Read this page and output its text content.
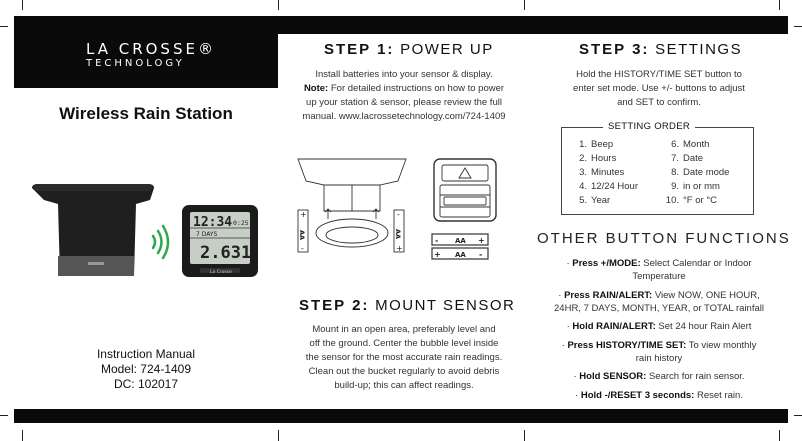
LA CROSSE®
TECHNOLOGY
Wireless Rain Station
12:34 0:25
7 DAYS
2.631
La Crosse
Instruction Manual
Model: 724-1409
DC: 102017
STEP 1: POWER UP
Install batteries into your sensor & display.
Note: For detailed instructions on how to power
up your station & sensor, please review the full
manual. www.lacrossetechnology.com/724-1409
+
AA
-
-
AA
+
- AA +
+ AA -
STEP 2: MOUNT SENSOR
Mount in an open area, preferably level and
off the ground. Center the bubble level inside
the sensor for the most accurate rain readings.
Clean out the bucket regularly to avoid debris
build-up; this can affect readings.
STEP 3: SETTINGS
Hold the HISTORY/TIME SET button to
enter set mode. Use +/- buttons to adjust
and SET to confirm.
SETTING ORDER
1. Beep
2. Hours
3. Minutes
4. 12/24 Hour
5. Year
6. Month
7. Date
8. Date mode
9. in or mm
10. °F or °C
OTHER BUTTON FUNCTIONS
· Press +/MODE: Select Calendar or Indoor
Temperature
· Press RAIN/ALERT: View NOW, ONE HOUR,
24HR, 7 DAYS, MONTH, YEAR, or TOTAL rainfall
· Hold RAIN/ALERT: Set 24 hour Rain Alert
· Press HISTORY/TIME SET: To view monthly
rain history
· Hold SENSOR: Search for rain sensor.
· Hold -/RESET 3 seconds: Reset rain.
